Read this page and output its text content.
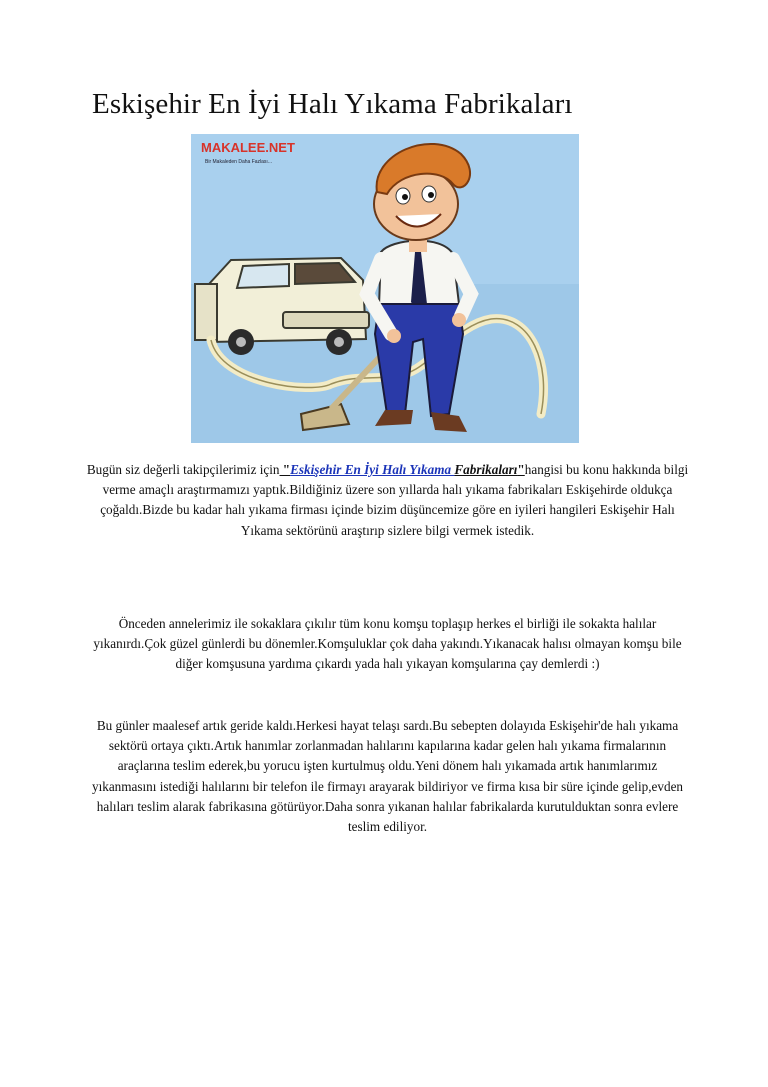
Eskişehir En İyi Halı Yıkama Fabrikaları
MAKALEE.NET
Bir Makaleden Daha Fazlası...

Bugün siz değerli takipçilerimiz için "Eskişehir En İyi Halı Yıkama Fabrikaları"hangisi bu konu hakkında bilgi verme amaçlı araştırmamızı yaptık.Bildiğiniz üzere son yıllarda halı yıkama fabrikaları Eskişehirde oldukça çoğaldı.Bizde bu kadar halı yıkama firması içinde bizim düşüncemize göre en iyileri hangileri Eskişehir Halı Yıkama sektörünü araştırıp sizlere bilgi vermek istedik.

Önceden annelerimiz ile sokaklara çıkılır tüm konu komşu toplaşıp herkes el birliği ile sokakta halılar yıkanırdı.Çok güzel günlerdi bu dönemler.Komşuluklar çok daha yakındı.Yıkanacak halısı olmayan komşu bile diğer komşusuna yardıma çıkardı yada halı yıkayan komşularına çay demlerdi :)

Bu günler maalesef artık geride kaldı.Herkesi hayat telaşı sardı.Bu sebepten dolayıda Eskişehir'de halı yıkama sektörü ortaya çıktı.Artık hanımlar zorlanmadan halılarını kapılarına kadar gelen halı yıkama firmalarının araçlarına teslim ederek,bu yorucu işten kurtulmuş oldu.Yeni dönem halı yıkamada artık hanımlarımız yıkanmasını istediği halılarını bir telefon ile firmayı arayarak bildiriyor ve firma kısa bir süre içinde gelip,evden halıları teslim alarak fabrikasına götürüyor.Daha sonra yıkanan halılar fabrikalarda kurutulduktan sonra evlere teslim ediliyor.
